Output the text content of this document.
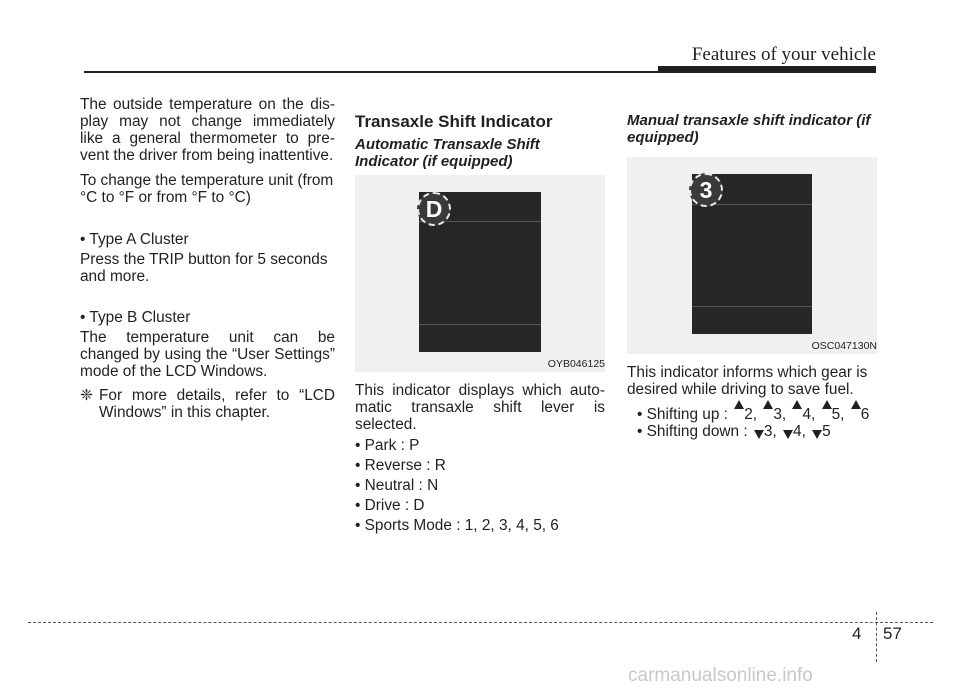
Features of your vehicle

The outside temperature on the dis-play may not change immediately like a general thermometer to pre-vent the driver from being inattentive.

To change the temperature unit (from °C to °F or from °F to °C)

• Type A Cluster

Press the TRIP button for 5 seconds and more.

• Type B Cluster

The temperature unit can be changed by using the “User Settings” mode of the LCD Windows.

❈ For more details, refer to “LCD Windows” in this chapter.
Transaxle Shift Indicator
Automatic Transaxle Shift Indicator (if equipped)
D
OYB046125
This indicator displays which auto-matic transaxle shift lever is selected.
• Park : P
• Reverse : R
• Neutral : N
• Drive : D
• Sports Mode : 1, 2, 3, 4, 5, 6
Manual transaxle shift indicator (if equipped)
3
OSC047130N
This indicator informs which gear is desired while driving to save fuel.
• Shifting up : 2, 3, 4, 5, 6
• Shifting down : 3, 4, 5
4 57
carmanualsonline.info
